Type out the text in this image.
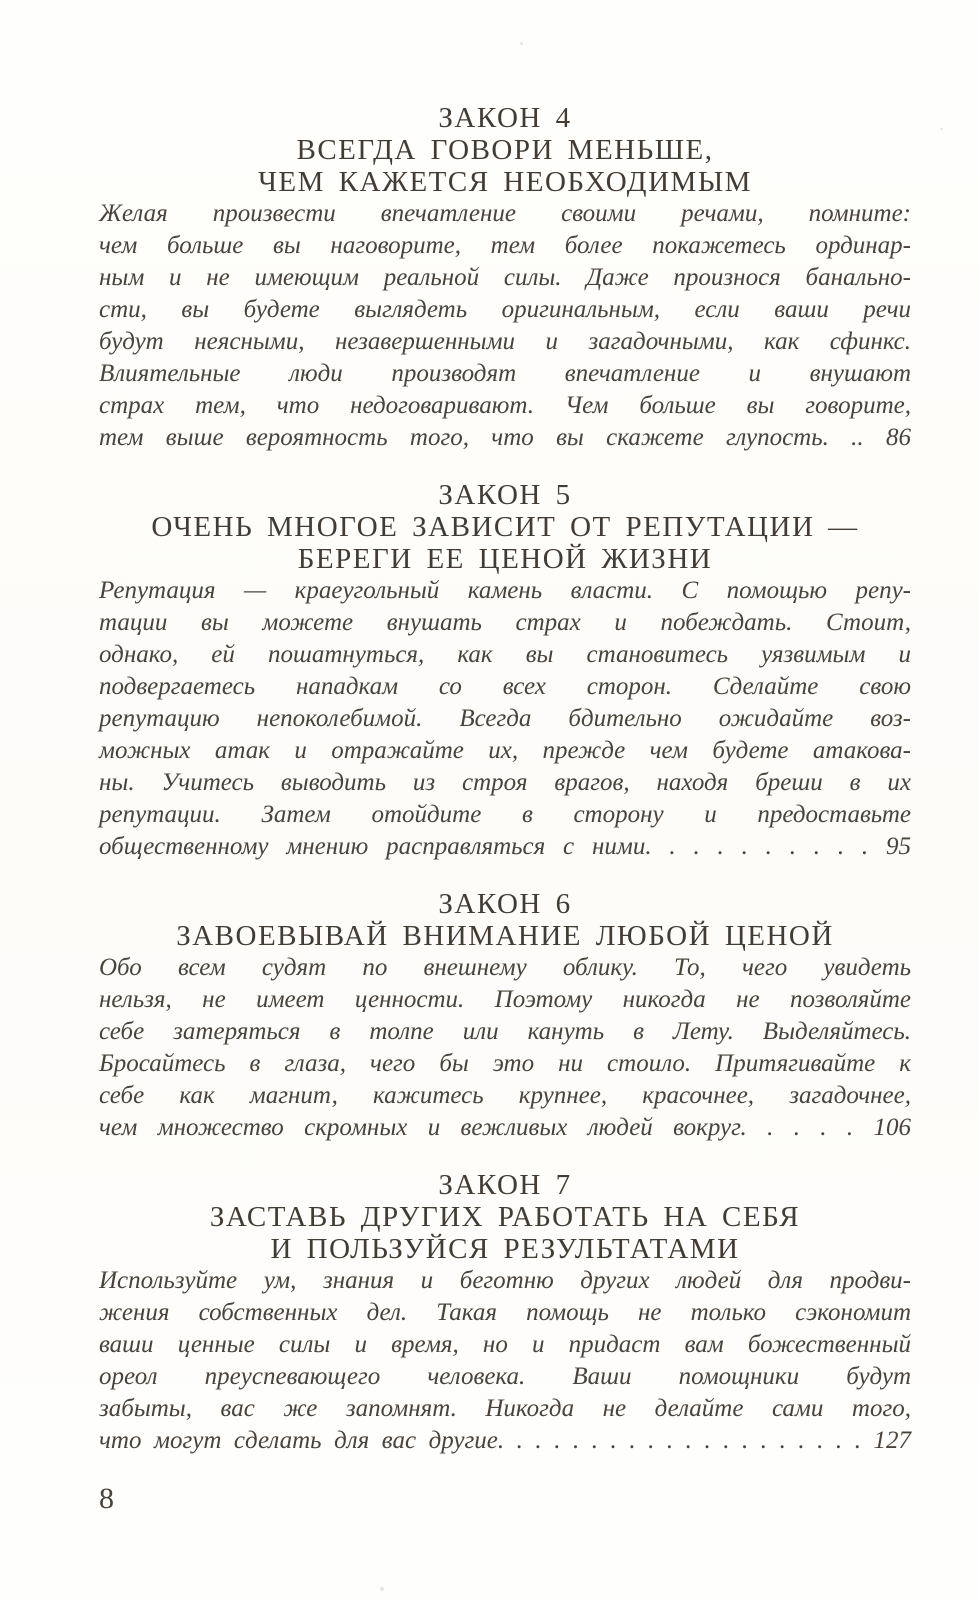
ЗАКОН 4
ВСЕГДА ГОВОРИ МЕНЬШЕ,
ЧЕМ КАЖЕТСЯ НЕОБХОДИМЫМ
Желая произвести впечатление своими речами, помните:
чем больше вы наговорите, тем более покажетесь ординар-
ным и не имеющим реальной силы. Даже произнося банально-
сти, вы будете выглядеть оригинальным, если ваши речи
будут неясными, незавершенными и загадочными, как сфинкс.
Влиятельные люди производят впечатление и внушают
страх тем, что недоговаривают. Чем больше вы говорите,
тем выше вероятность того, что вы скажете глупость. .. 86
ЗАКОН 5
ОЧЕНЬ МНОГОЕ ЗАВИСИТ ОТ РЕПУТАЦИИ —
БЕРЕГИ ЕЕ ЦЕНОЙ ЖИЗНИ
Репутация — краеугольный камень власти. С помощью репу-
тации вы можете внушать страх и побеждать. Стоит,
однако, ей пошатнуться, как вы становитесь уязвимым и
подвергаетесь нападкам со всех сторон. Сделайте свою
репутацию непоколебимой. Всегда бдительно ожидайте воз-
можных атак и отражайте их, прежде чем будете атакова-
ны. Учитесь выводить из строя врагов, находя бреши в их
репутации. Затем отойдите в сторону и предоставьте
общественному мнению расправляться с ними. . . . . . . . . . 95
ЗАКОН 6
ЗАВОЕВЫВАЙ ВНИМАНИЕ ЛЮБОЙ ЦЕНОЙ
Обо всем судят по внешнему облику. То, чего увидеть
нельзя, не имеет ценности. Поэтому никогда не позволяйте
себе затеряться в толпе или кануть в Лету. Выделяйтесь.
Бросайтесь в глаза, чего бы это ни стоило. Притягивайте к
себе как магнит, кажитесь крупнее, красочнее, загадочнее,
чем множество скромных и вежливых людей вокруг. . . . . 106
ЗАКОН 7
ЗАСТАВЬ ДРУГИХ РАБОТАТЬ НА СЕБЯ
И ПОЛЬЗУЙСЯ РЕЗУЛЬТАТАМИ
Используйте ум, знания и беготню других людей для продви-
жения собственных дел. Такая помощь не только сэкономит
ваши ценные силы и время, но и придаст вам божественный
ореол преуспевающего человека. Ваши помощники будут
забыты, вас же запомнят. Никогда не делайте сами того,
что могут сделать для вас другие. . . . . . . . . . . . . . . . . . . . 127
8
